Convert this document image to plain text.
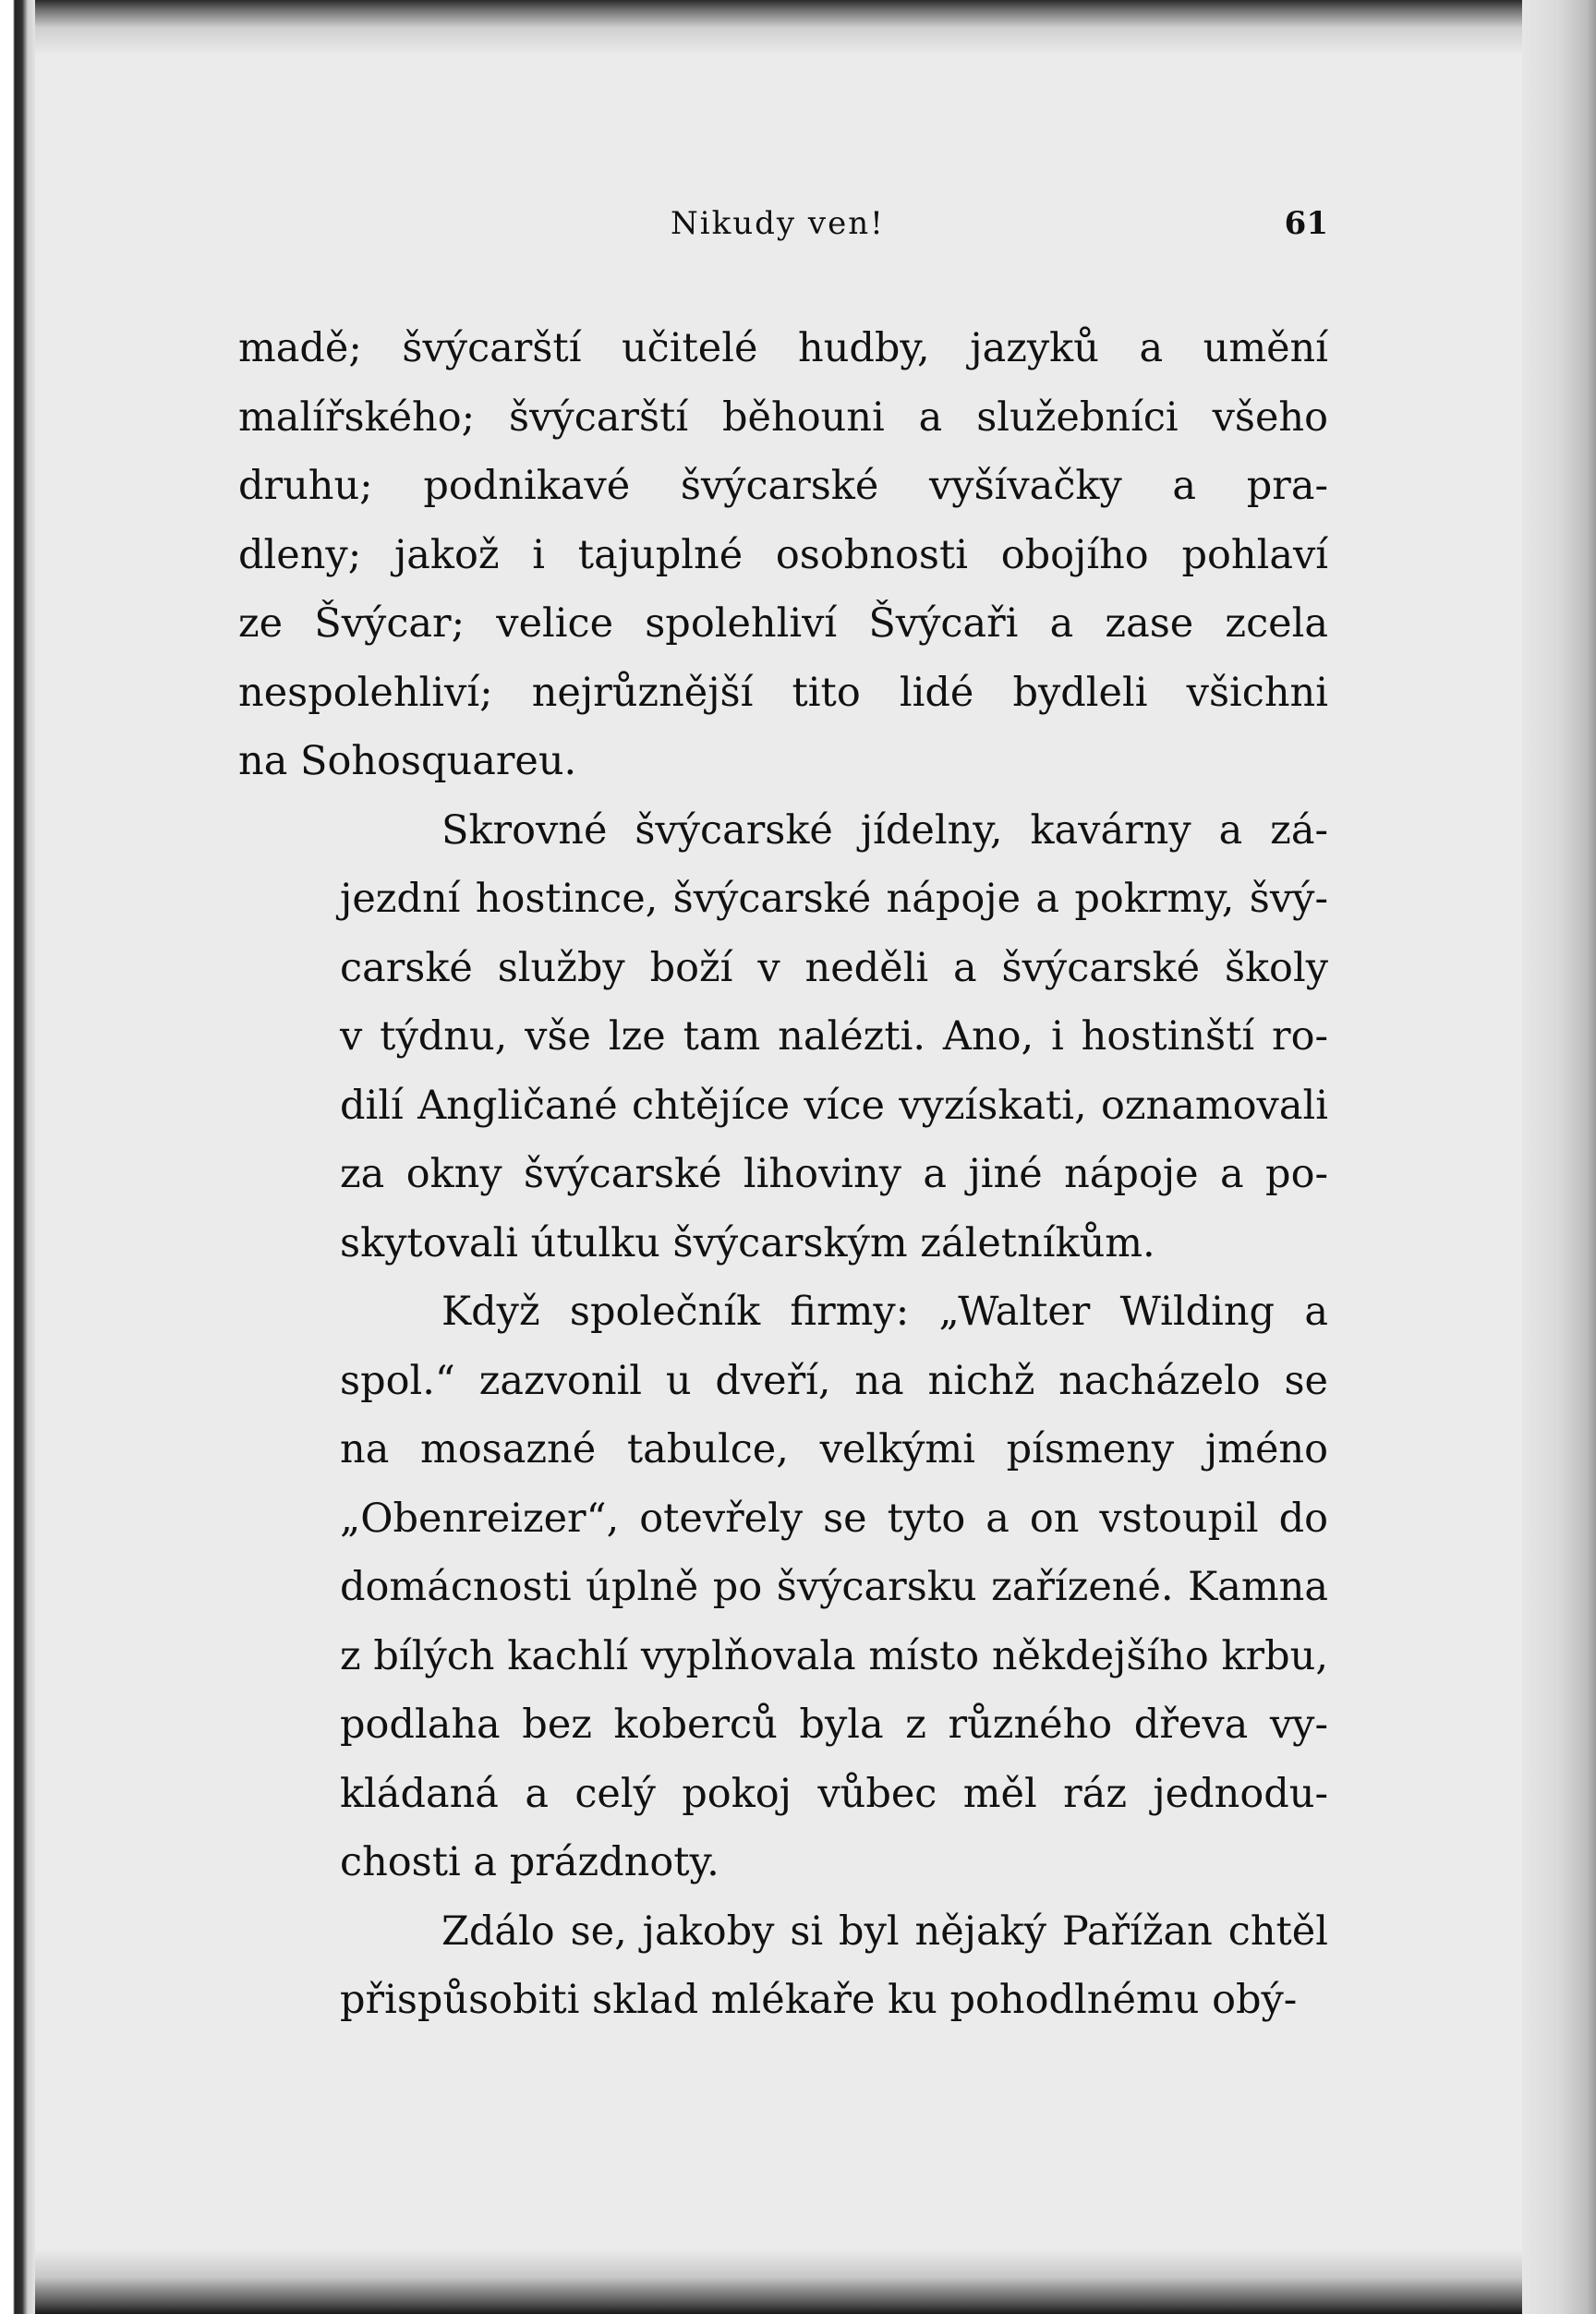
Nikudy ven!	61
madě; švýcarští učitelé hudby, jazyků a umění
malířského; švýcarští běhouni a služebníci všeho
druhu; podnikavé švýcarské vyšívačky a pra-
dleny; jakož i tajuplné osobnosti obojího pohlaví
ze Švýcar; velice spolehliví Švýcaři a zase zcela
nespolehliví; nejrůznější tito lidé bydleli všichni
na Sohosquareu.
Skrovné švýcarské jídelny, kavárny a zá-
jezdní hostince, švýcarské nápoje a pokrmy, švý-
carské služby boží v neděli a švýcarské školy
v týdnu, vše lze tam nalézti. Ano, i hostinští ro-
dilí Angličané chtějíce více vyzískati, oznamovali
za okny švýcarské lihoviny a jiné nápoje a po-
skytovali útulku švýcarským záletníkům.
Když společník firmy: „Walter Wilding a
spol.“ zazvonil u dveří, na nichž nacházelo se
na mosazné tabulce, velkými písmeny jméno
„Obenreizer“, otevřely se tyto a on vstoupil do
domácnosti úplně po švýcarsku zařízené. Kamna
z bílých kachlí vyplňovala místo někdejšího krbu,
podlaha bez koberců byla z různého dřeva vy-
kládaná a celý pokoj vůbec měl ráz jednodu-
chosti a prázdnoty.
Zdálo se, jakoby si byl nějaký Pařížan chtěl
přispůsobiti sklad mlékaře ku pohodlnému obý-
